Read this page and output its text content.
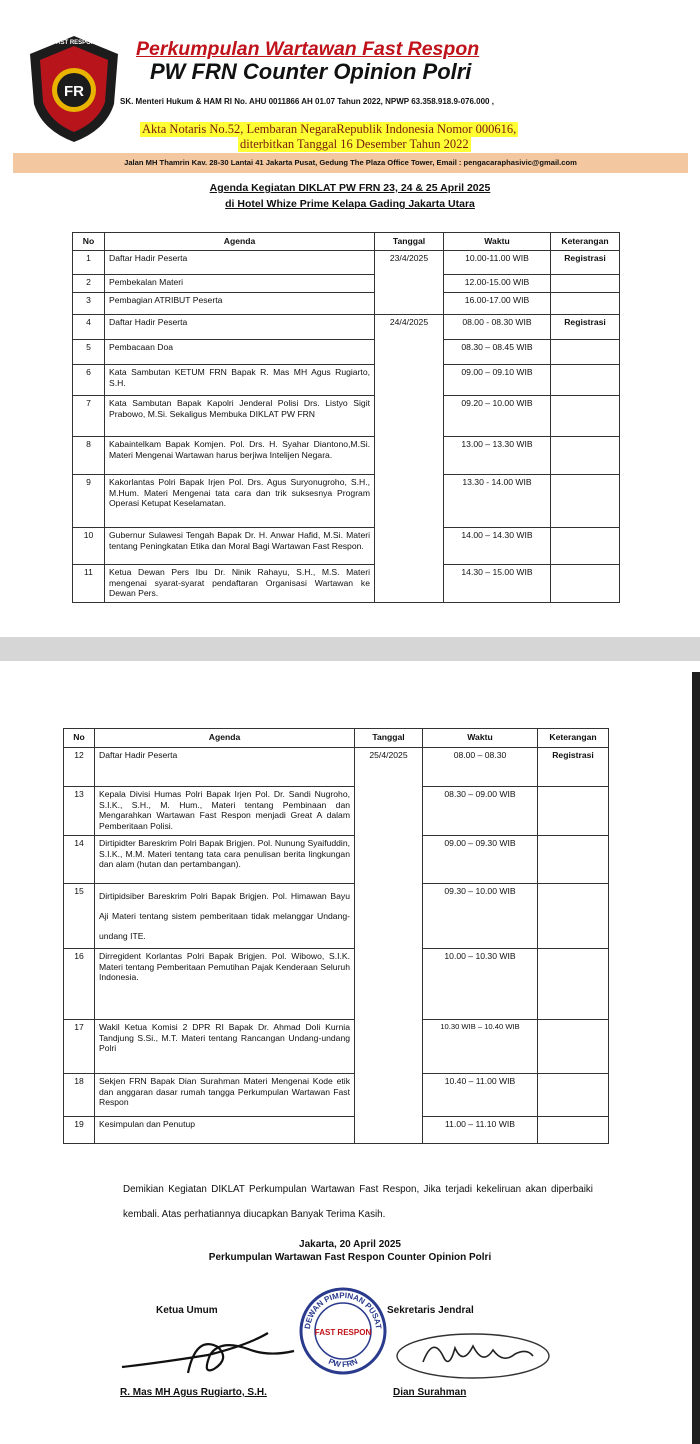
FR
FAST RESPON Perkumpulan Wartawan Fast Respon
PW FRN Counter Opinion Polri
SK. Menteri Hukum & HAM RI No. AHU 0011866 AH 01.07 Tahun 2022, NPWP 63.358.918.9-076.000 ,
Akta Notaris No.52, Lembaran NegaraRepublik Indonesia Nomor 000616,
diterbitkan Tanggal 16 Desember Tahun 2022
Jalan MH Thamrin Kav. 28-30 Lantai 41 Jakarta Pusat, Gedung The Plaza Office Tower, Email : pengacaraphasivic@gmail.com
Agenda Kegiatan DIKLAT PW FRN 23, 24 & 25 April 2025
di Hotel Whize Prime Kelapa Gading Jakarta Utara
No	Agenda	Tanggal	Waktu	Keterangan
1	Daftar Hadir Peserta	23/4/2025	10.00-11.00 WIB	Registrasi
2	Pembekalan Materi		12.00-15.00 WIB	
3	Pembagian ATRIBUT Peserta		16.00-17.00 WIB	
4	Daftar Hadir Peserta	24/4/2025	08.00 - 08.30 WIB	Registrasi
5	Pembacaan Doa		08.30 – 08.45 WIB	
6	Kata Sambutan KETUM FRN Bapak R. Mas MH Agus Rugiarto, S.H.		09.00 – 09.10 WIB	
7	Kata Sambutan Bapak Kapolri Jenderal Polisi Drs. Listyo Sigit Prabowo, M.Si. Sekaligus Membuka DIKLAT PW FRN		09.20 – 10.00 WIB	
8	Kabaintelkam Bapak Komjen. Pol. Drs. H. Syahar Diantono,M.Si. Materi Mengenai Wartawan harus berjiwa Intelijen Negara.		13.00 – 13.30 WIB	
9	Kakorlantas Polri Bapak Irjen Pol. Drs. Agus Suryonugroho, S.H., M.Hum. Materi Mengenai tata cara dan trik suksesnya Program Operasi Ketupat Keselamatan.		13.30 - 14.00 WIB	
10	Gubernur Sulawesi Tengah Bapak Dr. H. Anwar Hafid, M.Si. Materi tentang Peningkatan Etika dan Moral Bagi Wartawan Fast Respon.		14.00 – 14.30 WIB	
11	Ketua Dewan Pers Ibu Dr. Ninik Rahayu, S.H., M.S. Materi mengenai syarat-syarat pendaftaran Organisasi Wartawan ke Dewan Pers.		14.30 – 15.00 WIB	
No	Agenda	Tanggal	Waktu	Keterangan
12	Daftar Hadir Peserta	25/4/2025	08.00 – 08.30	Registrasi
13	Kepala Divisi Humas Polri Bapak Irjen Pol. Dr. Sandi Nugroho, S.I.K., S.H., M. Hum., Materi tentang Pembinaan dan Mengarahkan Wartawan Fast Respon menjadi Great A dalam Pemberitaan Polisi.		08.30 – 09.00 WIB	
14	Dirtipidter Bareskrim Polri Bapak Brigjen. Pol. Nunung Syaifuddin, S.I.K., M.M. Materi tentang tata cara penulisan berita lingkungan dan alam (hutan dan pertambangan).		09.00 – 09.30 WIB	
15	Dirtipidsiber Bareskrim Polri Bapak Brigjen. Pol. Himawan Bayu Aji Materi tentang sistem pemberitaan tidak melanggar Undang-undang ITE.		09.30 – 10.00 WIB	
16	Dirregident Korlantas Polri Bapak Brigjen. Pol. Wibowo, S.I.K. Materi tentang Pemberitaan Pemutihan Pajak Kenderaan Seluruh Indonesia.		10.00 – 10.30 WIB	
17	Wakil Ketua Komisi 2 DPR RI Bapak Dr. Ahmad Doli Kurnia Tandjung S.Si., M.T. Materi tentang Rancangan Undang-undang Polri		10.30 WIB – 10.40 WIB	
18	Sekjen FRN Bapak Dian Surahman Materi Mengenai Kode etik dan anggaran dasar rumah tangga Perkumpulan Wartawan Fast Respon		10.40 – 11.00 WIB	
19	Kesimpulan dan Penutup		11.00 – 11.10 WIB	
Demikian Kegiatan DIKLAT Perkumpulan Wartawan Fast Respon, Jika terjadi kekeliruan akan diperbaiki kembali. Atas perhatiannya diucapkan Banyak Terima Kasih.
Jakarta, 20 April 2025
Perkumpulan Wartawan Fast Respon Counter Opinion Polri
Ketua Umum	Sekretaris Jendral
DEWAN PIMPINAN PUSAT
PW FRN
FAST RESPON
R. Mas MH Agus Rugiarto, S.H.	Dian Surahman
